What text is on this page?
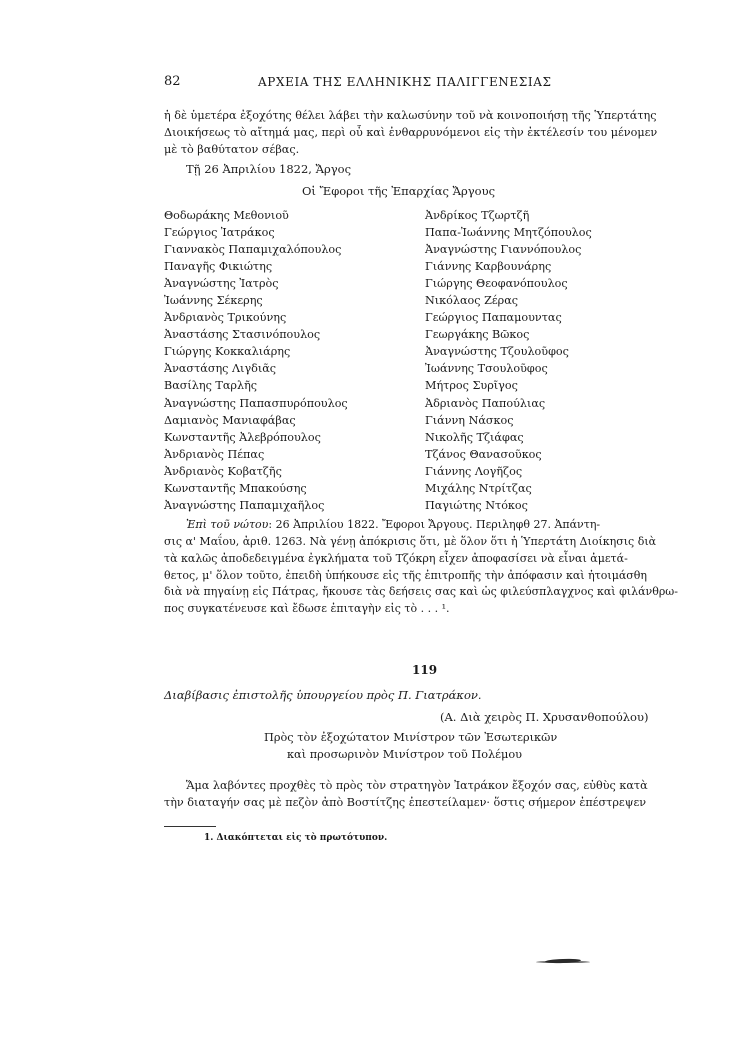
82	ΑΡΧΕΙΑ ΤΗΣ ΕΛΛΗΝΙΚΗΣ ΠΑΛΙΓΓΕΝΕΣΙΑΣ
ἡ δὲ ὑμετέρα ἐξοχότης θέλει λάβει τὴν καλωσύνην τοῦ νὰ κοινοποιήσῃ τῆς Ὑπερτάτης
Διοικήσεως τὸ αἴτημά μας, περὶ οὗ καὶ ἐνθαρρυνόμενοι εἰς τὴν ἐκτέλεσίν του μένομεν
μὲ τὸ βαθύτατον σέβας.
Τῇ 26 Ἀπριλίου 1822, Ἄργος
Οἱ Ἔφοροι τῆς Ἐπαρχίας Ἄργους
Θοδωράκης Μεθονιοῦ
Γεώργιος Ἰατράκος
Γιαννακὸς Παπαμιχαλόπουλος
Παναγῆς Φικιώτης
Ἀναγνώστης Ἰατρὸς
Ἰωάννης Σέκερης
Ἀνδριανὸς Τρικούνης
Ἀναστάσης Στασινόπουλος
Γιώργης Κοκκαλιάρης
Ἀναστάσης Λιγδιᾶς
Βασίλης Ταρλῆς
Ἀναγνώστης Παπασπυρόπουλος
Δαμιανὸς Μανιαφάβας
Κωνσταντῆς Ἀλεβρόπουλος
Ἀνδριανὸς Πέπας
Ἀνδριανὸς Κοβατζῆς
Κωνσταντῆς Μπακούσης
Ἀναγνώστης Παπαμιχαῆλος
Ἀνδρίκος Τζωρτζῆ
Παπα-Ἰωάννης Μητζόπουλος
Ἀναγνώστης Γιαννόπουλος
Γιάννης Καρβουνάρης
Γιώργης Θεοφανόπουλος
Νικόλαος Ζέρας
Γεώργιος Παπαμουντας
Γεωργάκης Βῶκος
Ἀναγνώστης Τζουλοῦφος
Ἰωάννης Τσουλοῦφος
Μήτρος Συρῖγος
Ἀδριανὸς Παπούλιας
Γιάννη Νάσκος
Νικολῆς Τζιάφας
Τζάνος Θανασοῦκος
Γιάννης Λογῆζος
Μιχάλης Ντρίτζας
Παγιώτης Ντόκος
Ἐπὶ τοῦ νώτου: 26 Ἀπριλίου 1822. Ἔφοροι Ἄργους. Περιληφθ 27. Ἀπάντη-
σις α' Μαΐου, ἀριθ. 1263. Νὰ γένῃ ἀπόκρισις ὅτι, μὲ ὅλον ὅτι ἡ Ὑπερτάτη Διοίκησις διὰ
τὰ καλῶς ἀποδεδειγμένα ἐγκλήματα τοῦ Τζόκρη εἶχεν ἀποφασίσει νὰ εἶναι ἀμετά-
θετος, μ' ὅλον τοῦτο, ἐπειδὴ ὑπήκουσε εἰς τῆς ἐπιτροπῆς τὴν ἀπόφασιν καὶ ἠτοιμάσθη
διὰ νὰ πηγαίνῃ εἰς Πάτρας, ἤκουσε τὰς δεήσεις σας καὶ ὡς φιλεύσπλαγχνος καὶ φιλάνθρω-
πος συγκατένευσε καὶ ἔδωσε ἐπιταγὴν εἰς τὸ . . . ¹.
119
Διαβίβασις ἐπιστολῆς ὑπουργείου πρὸς Π. Γιατράκον.
(Α. Διὰ χειρὸς Π. Χρυσανθοπούλου)
Πρὸς τὸν ἐξοχώτατον Μινίστρον τῶν Ἐσωτερικῶν
καὶ προσωρινὸν Μινίστρον τοῦ Πολέμου
Ἅμα λαβόντες προχθὲς τὸ πρὸς τὸν στρατηγὸν Ἰατράκον ἔξοχόν σας, εὐθὺς κατὰ
τὴν διαταγήν σας μὲ πεζὸν ἀπὸ Βοστίτζης ἐπεστείλαμεν· ὅστις σήμερον ἐπέστρεψεν
1. Διακόπτεται εἰς τὸ πρωτότυπον.
